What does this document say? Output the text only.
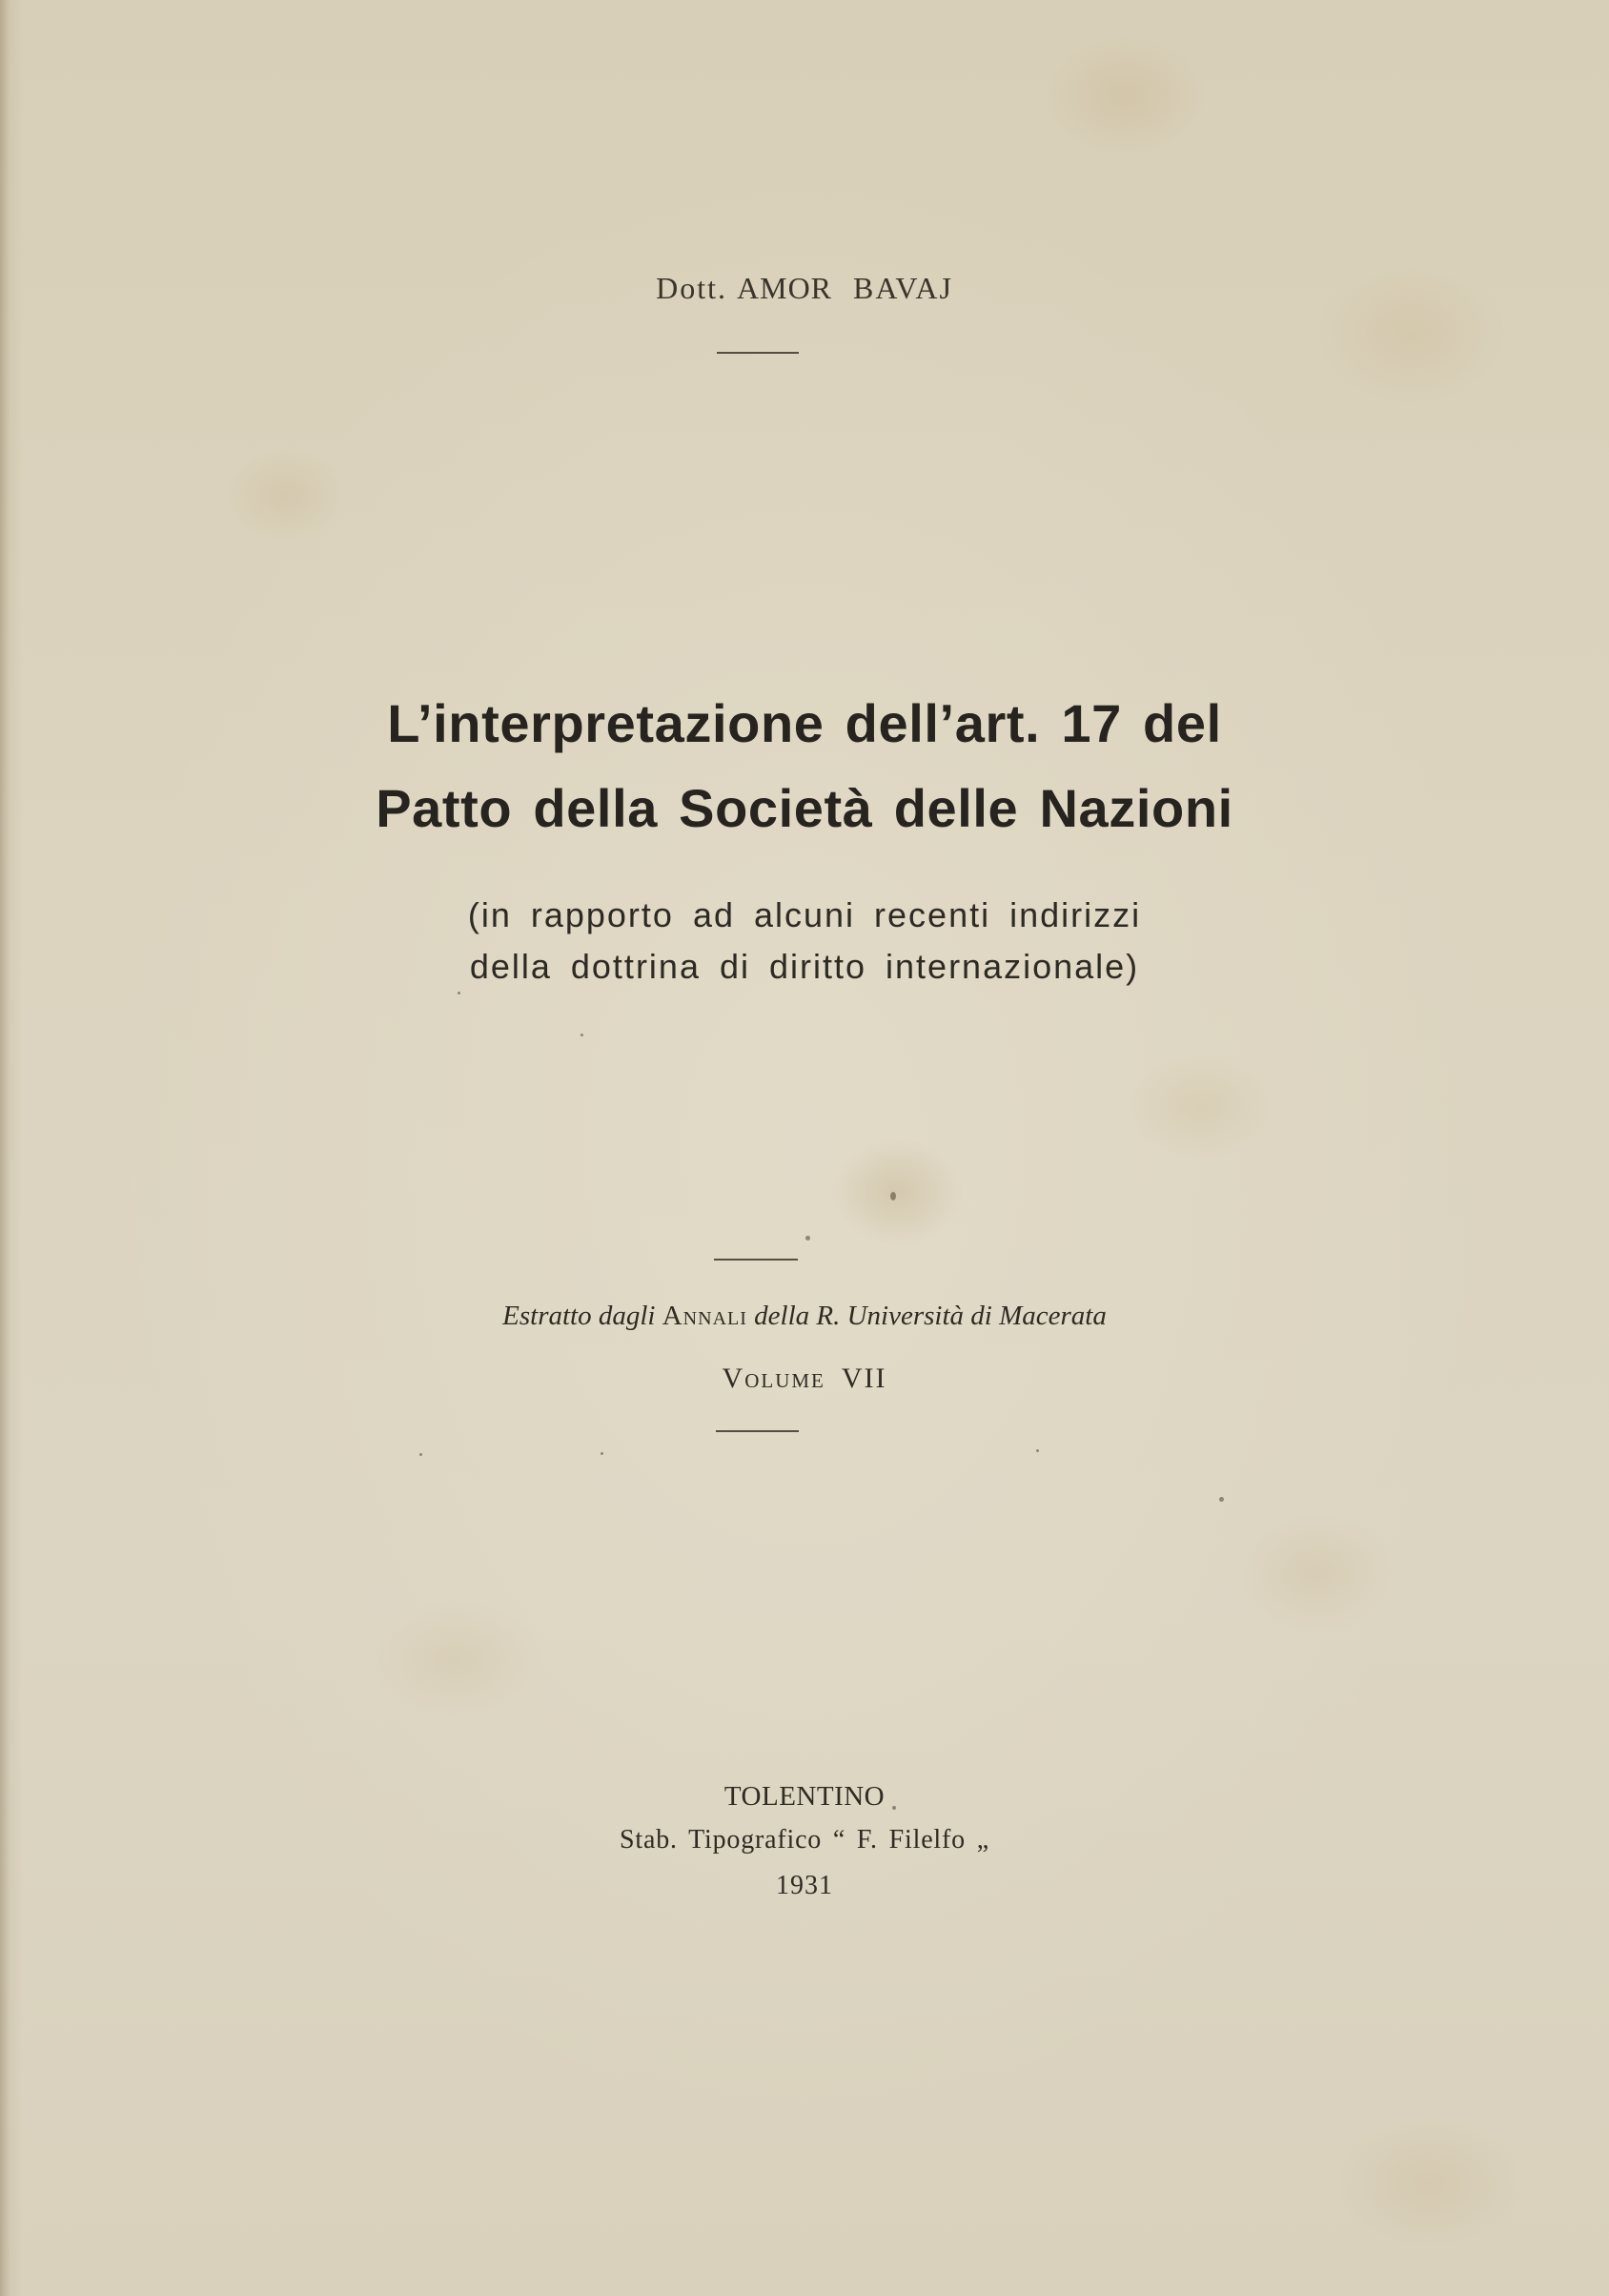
Dott. AMOR BAVAJ

L’interpretazione dell’art. 17 del
Patto della Società delle Nazioni

(in rapporto ad alcuni recenti indirizzi

della dottrina di diritto internazionale)

Estratto dagli Annali della R. Università di Macerata

Volume VII

TOLENTINO

Stab. Tipografico “ F. Filelfo „

1931
